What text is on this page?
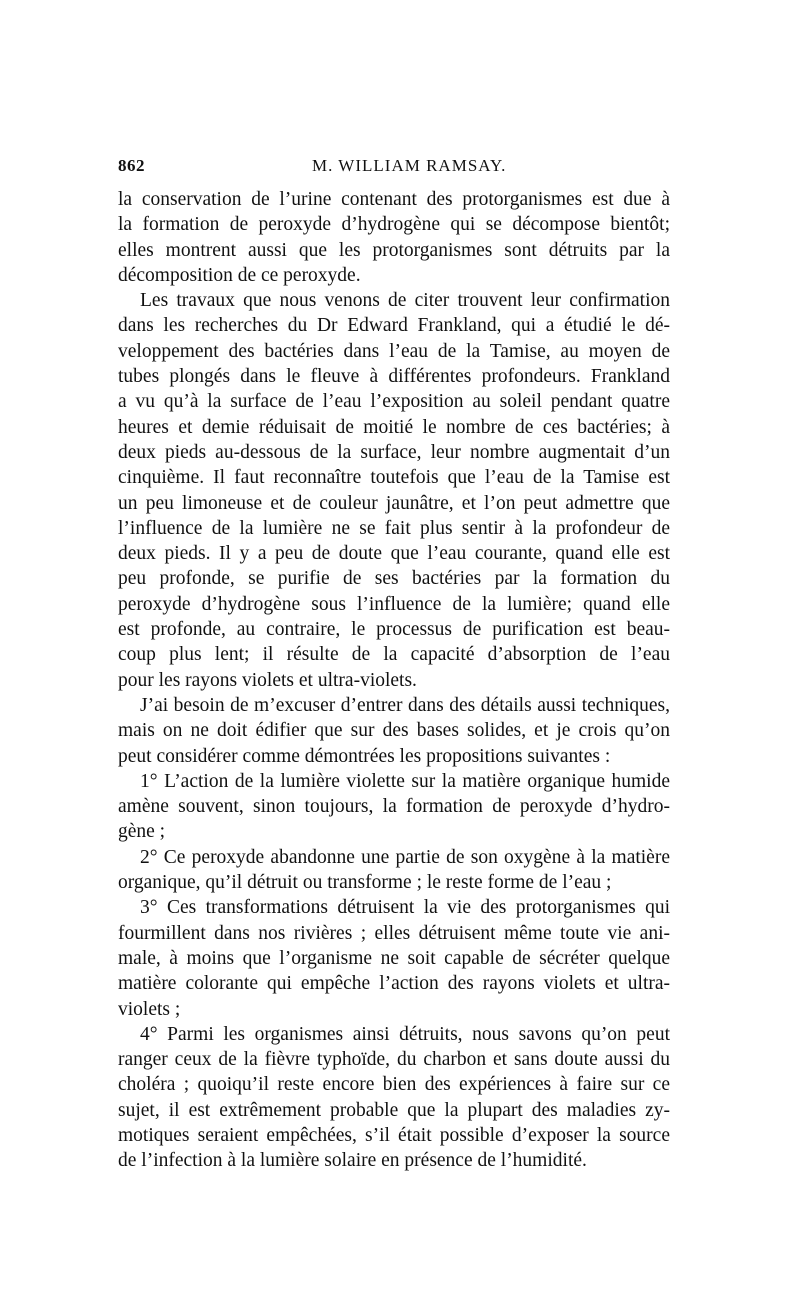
862	M. WILLIAM RAMSAY.
la conservation de l’urine contenant des protorganismes est due à
la formation de peroxyde d’hydrogène qui se décompose bientôt;
elles montrent aussi que les protorganismes sont détruits par la
décomposition de ce peroxyde.
Les travaux que nous venons de citer trouvent leur confirmation
dans les recherches du Dr Edward Frankland, qui a étudié le dé-
veloppement des bactéries dans l’eau de la Tamise, au moyen de
tubes plongés dans le fleuve à différentes profondeurs. Frankland
a vu qu’à la surface de l’eau l’exposition au soleil pendant quatre
heures et demie réduisait de moitié le nombre de ces bactéries; à
deux pieds au-dessous de la surface, leur nombre augmentait d’un
cinquième. Il faut reconnaître toutefois que l’eau de la Tamise est
un peu limoneuse et de couleur jaunâtre, et l’on peut admettre que
l’influence de la lumière ne se fait plus sentir à la profondeur de
deux pieds. Il y a peu de doute que l’eau courante, quand elle est
peu profonde, se purifie de ses bactéries par la formation du
peroxyde d’hydrogène sous l’influence de la lumière; quand elle
est profonde, au contraire, le processus de purification est beau-
coup plus lent; il résulte de la capacité d’absorption de l’eau
pour les rayons violets et ultra-violets.
J’ai besoin de m’excuser d’entrer dans des détails aussi techniques,
mais on ne doit édifier que sur des bases solides, et je crois qu’on
peut considérer comme démontrées les propositions suivantes :
1° L’action de la lumière violette sur la matière organique humide
amène souvent, sinon toujours, la formation de peroxyde d’hydro-
gène ;
2° Ce peroxyde abandonne une partie de son oxygène à la matière
organique, qu’il détruit ou transforme ; le reste forme de l’eau ;
3° Ces transformations détruisent la vie des protorganismes qui
fourmillent dans nos rivières ; elles détruisent même toute vie ani-
male, à moins que l’organisme ne soit capable de sécréter quelque
matière colorante qui empêche l’action des rayons violets et ultra-
violets ;
4° Parmi les organismes ainsi détruits, nous savons qu’on peut
ranger ceux de la fièvre typhoïde, du charbon et sans doute aussi du
choléra ; quoiqu’il reste encore bien des expériences à faire sur ce
sujet, il est extrêmement probable que la plupart des maladies zy-
motiques seraient empêchées, s’il était possible d’exposer la source
de l’infection à la lumière solaire en présence de l’humidité.
